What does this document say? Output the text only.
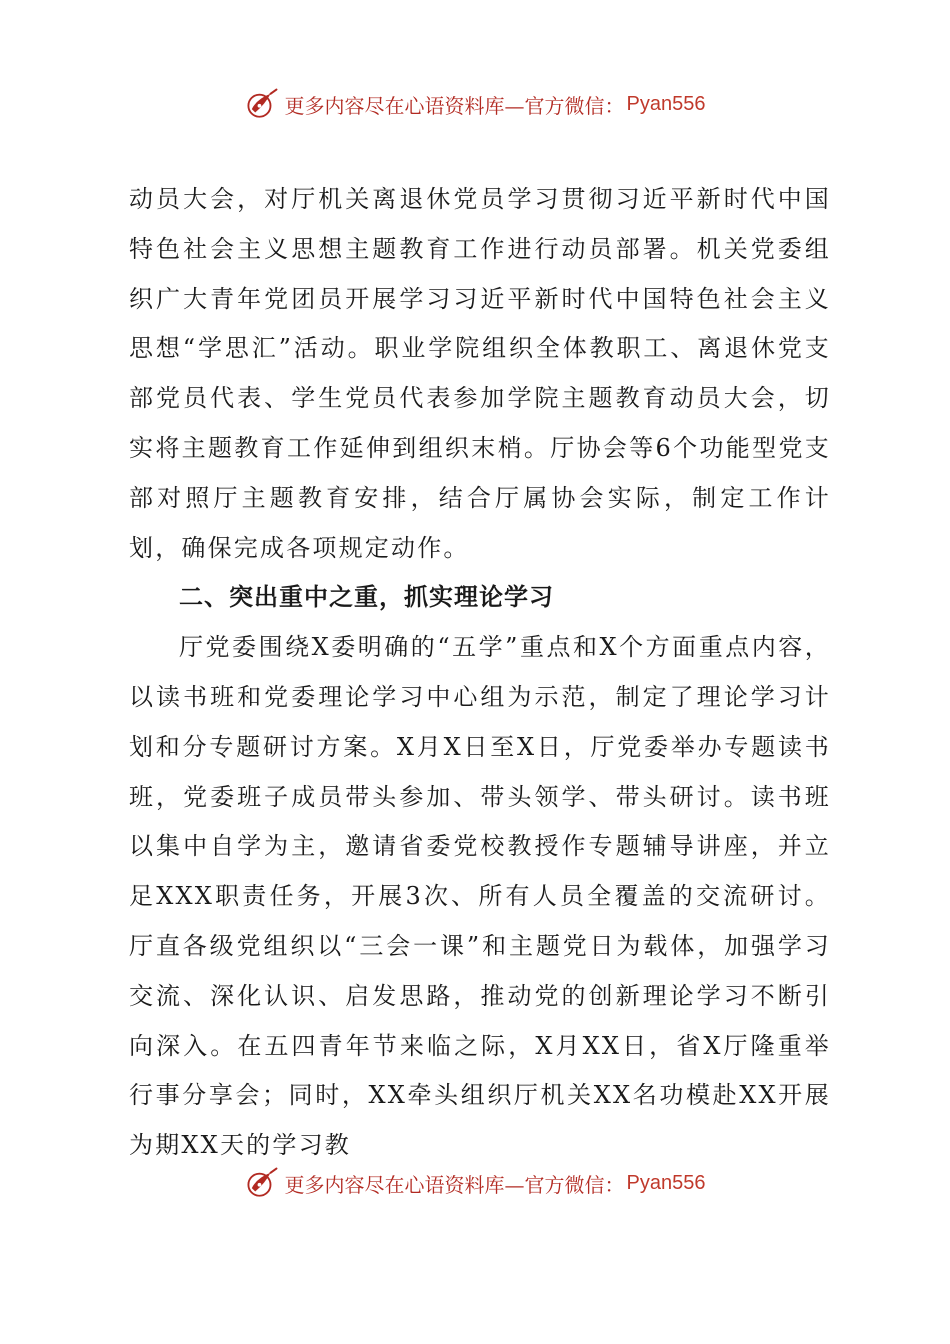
更多内容尽在心语资料库—官方微信： Pyan556

动员大会，对厅机关离退休党员学习贯彻习近平新时代中国特色社会主义思想主题教育工作进行动员部署。机关党委组织广大青年党团员开展学习习近平新时代中国特色社会主义思想“学思汇”活动。职业学院组织全体教职工、离退休党支部党员代表、学生党员代表参加学院主题教育动员大会，切实将主题教育工作延伸到组织末梢。厅协会等6个功能型党支部对照厅主题教育安排，结合厅属协会实际，制定工作计划，确保完成各项规定动作。

二、突出重中之重，抓实理论学习

厅党委围绕X委明确的“五学”重点和X个方面重点内容，以读书班和党委理论学习中心组为示范，制定了理论学习计划和分专题研讨方案。X月X日至X日，厅党委举办专题读书班，党委班子成员带头参加、带头领学、带头研讨。读书班以集中自学为主，邀请省委党校教授作专题辅导讲座，并立足XXX职责任务，开展3次、所有人员全覆盖的交流研讨。厅直各级党组织以“三会一课”和主题党日为载体，加强学习交流、深化认识、启发思路，推动党的创新理论学习不断引向深入。在五四青年节来临之际，X月XX日，省X厅隆重举行事分享会；同时，XX牵头组织厅机关XX名功模赴XX开展为期XX天的学习教

更多内容尽在心语资料库—官方微信： Pyan556
